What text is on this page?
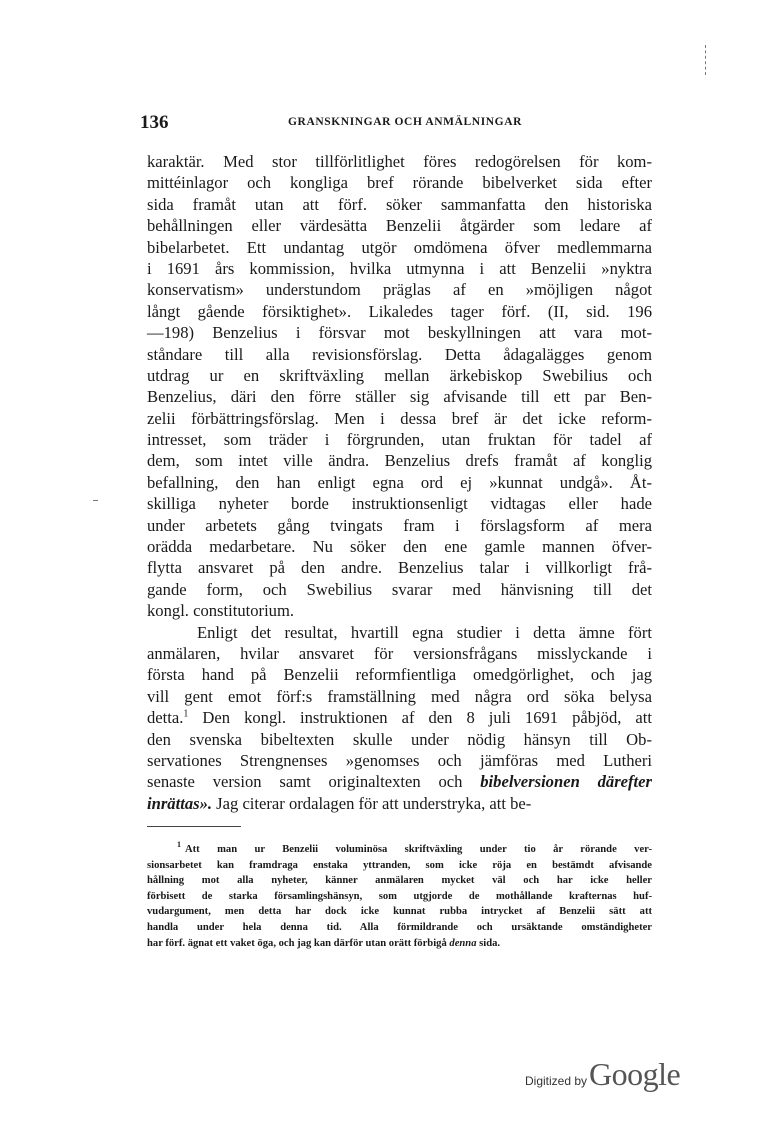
136	GRANSKNINGAR OCH ANMÄLNINGAR
karaktär. Med stor tillförlitlighet föres redogörelsen för kom-
mittéinlagor och kongliga bref rörande bibelverket sida efter
sida framåt utan att förf. söker sammanfatta den historiska
behållningen eller värdesätta Benzelii åtgärder som ledare af
bibelarbetet. Ett undantag utgör omdömena öfver medlemmarna
i 1691 års kommission, hvilka utmynna i att Benzelii »nyktra
konservatism» understundom präglas af en »möjligen något
långt gående försiktighet». Likaledes tager förf. (II, sid. 196
—198) Benzelius i försvar mot beskyllningen att vara mot-
ståndare till alla revisionsförslag. Detta ådagalägges genom
utdrag ur en skriftväxling mellan ärkebiskop Swebilius och
Benzelius, däri den förre ställer sig afvisande till ett par Ben-
zelii förbättringsförslag. Men i dessa bref är det icke reform-
intresset, som träder i förgrunden, utan fruktan för tadel af
dem, som intet ville ändra. Benzelius drefs framåt af konglig
befallning, den han enligt egna ord ej »kunnat undgå». Åt-
skilliga nyheter borde instruktionsenligt vidtagas eller hade
under arbetets gång tvingats fram i förslagsform af mera
orädda medarbetare. Nu söker den ene gamle mannen öfver-
flytta ansvaret på den andre. Benzelius talar i villkorligt frå-
gande form, och Swebilius svarar med hänvisning till det
kongl. constitutorium.
Enligt det resultat, hvartill egna studier i detta ämne fört
anmälaren, hvilar ansvaret för versionsfrågans misslyckande i
första hand på Benzelii reformfientliga omedgörlighet, och jag
vill gent emot förf:s framställning med några ord söka belysa
detta.$^1$ Den kongl. instruktionen af den 8 juli 1691 påbjöd, att
den svenska bibeltexten skulle under nödig hänsyn till Ob-
servationes Strengnenses »genomses och jämföras med Lutheri
senaste version samt originaltexten och bibelversionen därefter
inrättas». Jag citerar ordalagen för att understryka, att be-
$^1$ Att man ur Benzelii voluminösa skriftväxling under tio år rörande ver-
sionsarbetet kan framdraga enstaka yttranden, som icke röja en bestämdt afvisande
hållning mot alla nyheter, känner anmälaren mycket väl och har icke heller
förbisett de starka församlingshänsyn, som utgjorde de mothållande krafternas huf-
vudargument, men detta har dock icke kunnat rubba intrycket af Benzelii sätt att
handla under hela denna tid. Alla förmildrande och ursäktande omständigheter
har förf. ägnat ett vaket öga, och jag kan därför utan orätt förbigå denna sida.
Digitized by Google
